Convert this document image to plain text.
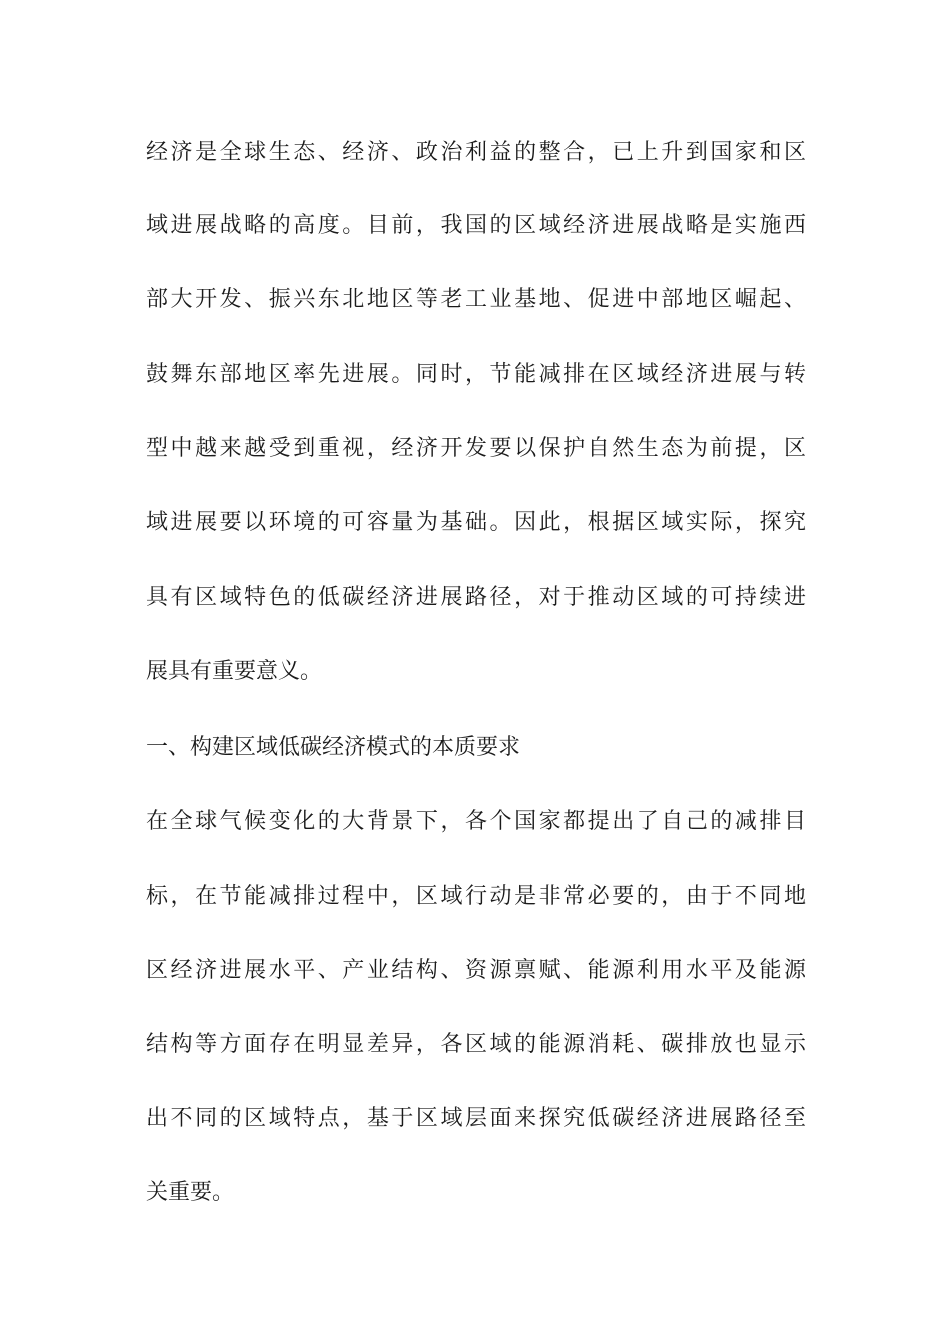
经济是全球生态、经济、政治利益的整合，已上升到国家和区
域进展战略的高度。目前，我国的区域经济进展战略是实施西
部大开发、振兴东北地区等老工业基地、促进中部地区崛起、
鼓舞东部地区率先进展。同时，节能减排在区域经济进展与转
型中越来越受到重视，经济开发要以保护自然生态为前提，区
域进展要以环境的可容量为基础。因此，根据区域实际，探究
具有区域特色的低碳经济进展路径，对于推动区域的可持续进
展具有重要意义。
一、构建区域低碳经济模式的本质要求
在全球气候变化的大背景下，各个国家都提出了自己的减排目
标，在节能减排过程中，区域行动是非常必要的，由于不同地
区经济进展水平、产业结构、资源禀赋、能源利用水平及能源
结构等方面存在明显差异，各区域的能源消耗、碳排放也显示
出不同的区域特点，基于区域层面来探究低碳经济进展路径至
关重要。
